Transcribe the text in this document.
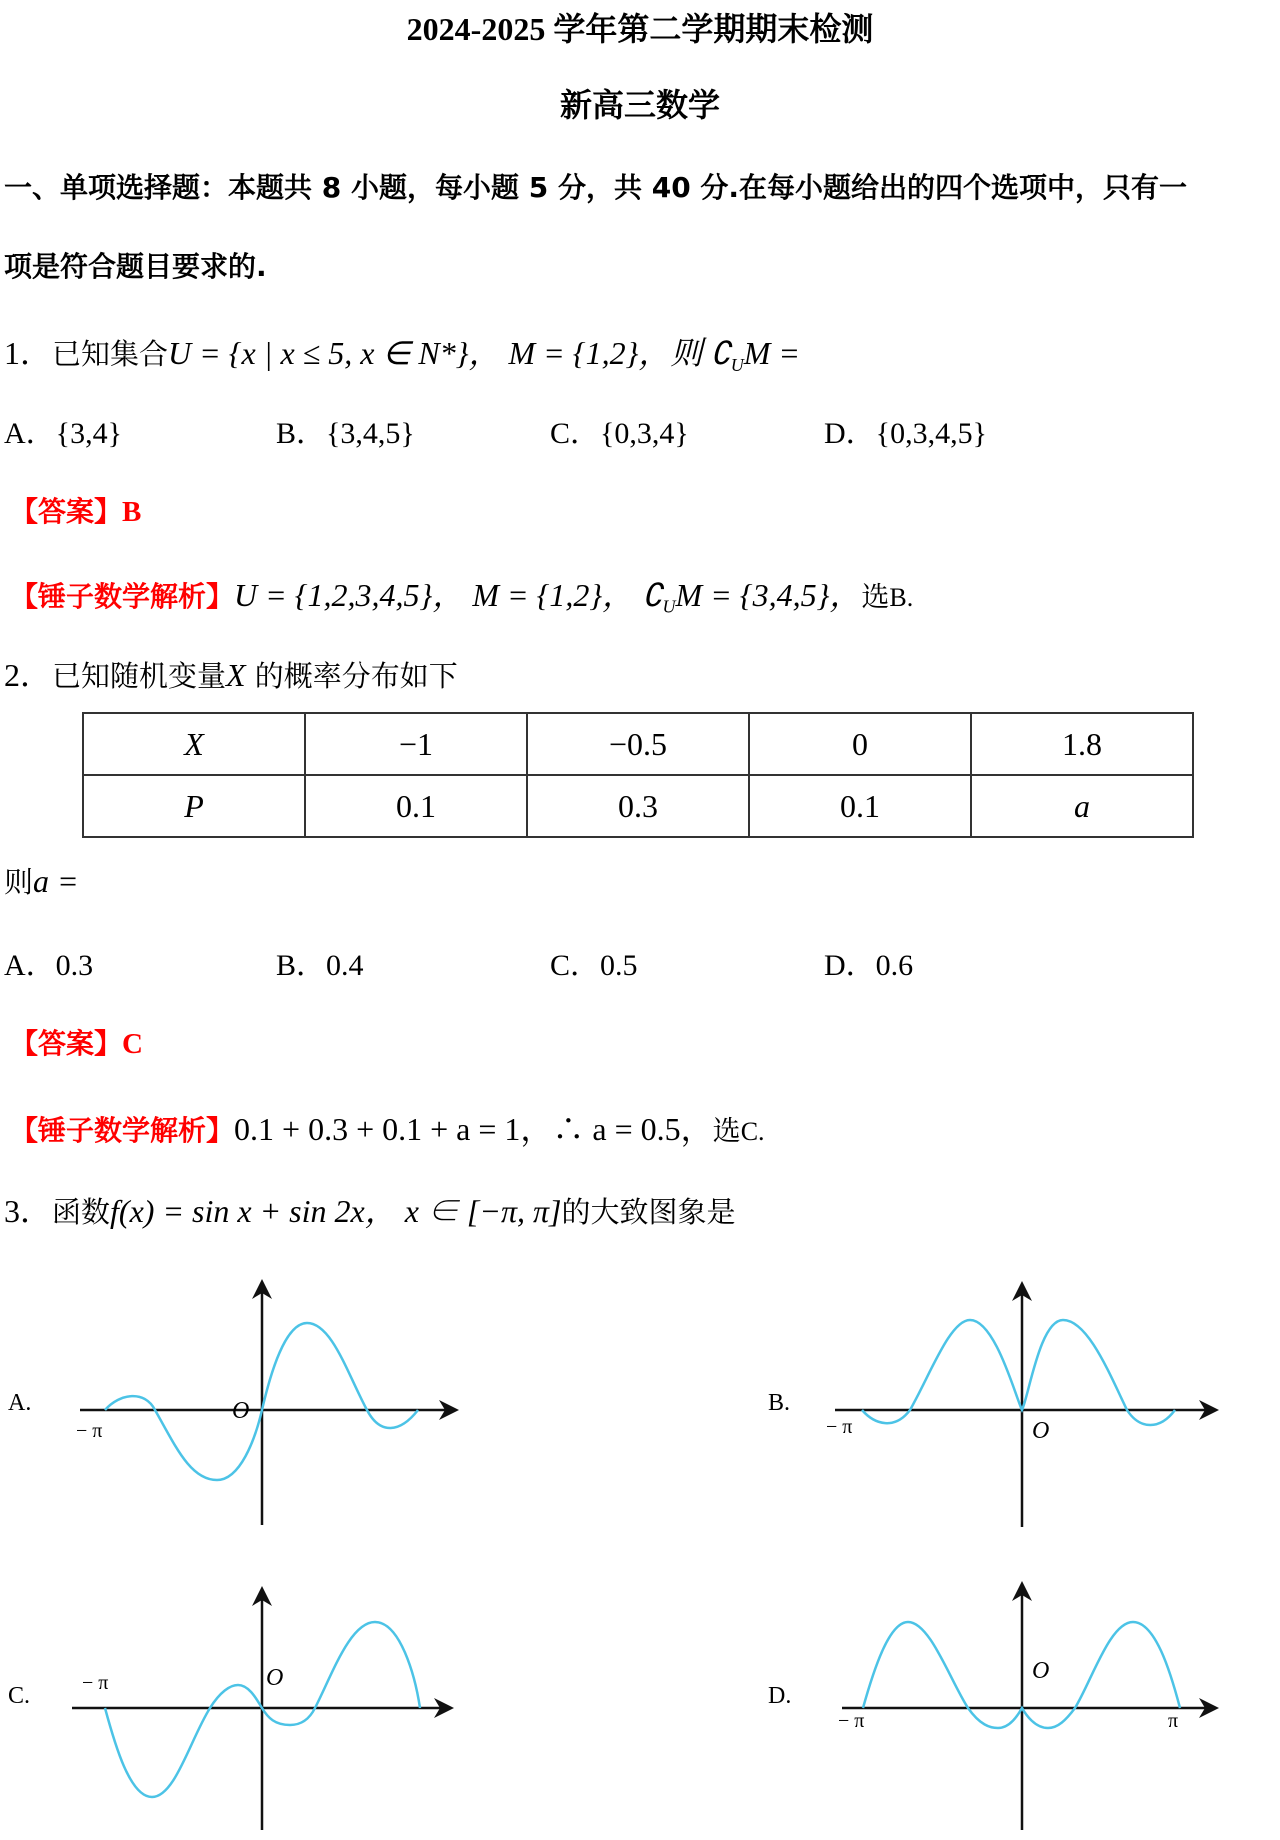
2024-2025 学年第二学期期末检测
新高三数学
一、单项选择题：本题共 8 小题，每小题 5 分，共 40 分.在每小题给出的四个选项中，只有一
项是符合题目要求的.
1．已知集合U = {x | x ≤ 5, x ∈ N*}， M = {1,2}，则 $∁_UM$ =
A．{3,4}	B．{3,4,5}	C．{0,3,4}	D．{0,3,4,5}
【答案】B
【锤子数学解析】U = {1,2,3,4,5}， M = {1,2}， $∁_UM = \{3,4,5\}$，选B.
2．已知随机变量X 的概率分布如下
X	−1	−0.5	0	1.8
P	0.1	0.3	0.1	a
则a =
A．0.3	B．0.4	C．0.5	D．0.6
【答案】C
【锤子数学解析】0.1 + 0.3 + 0.1 + a = 1，∴ a = 0.5，选C.
3．函数f(x) = sin x + sin 2x， x ∈ [−π, π]的大致图象是
A.	O
− π
B.
O
− π
C.
O
− π	D.
O
− π	π
